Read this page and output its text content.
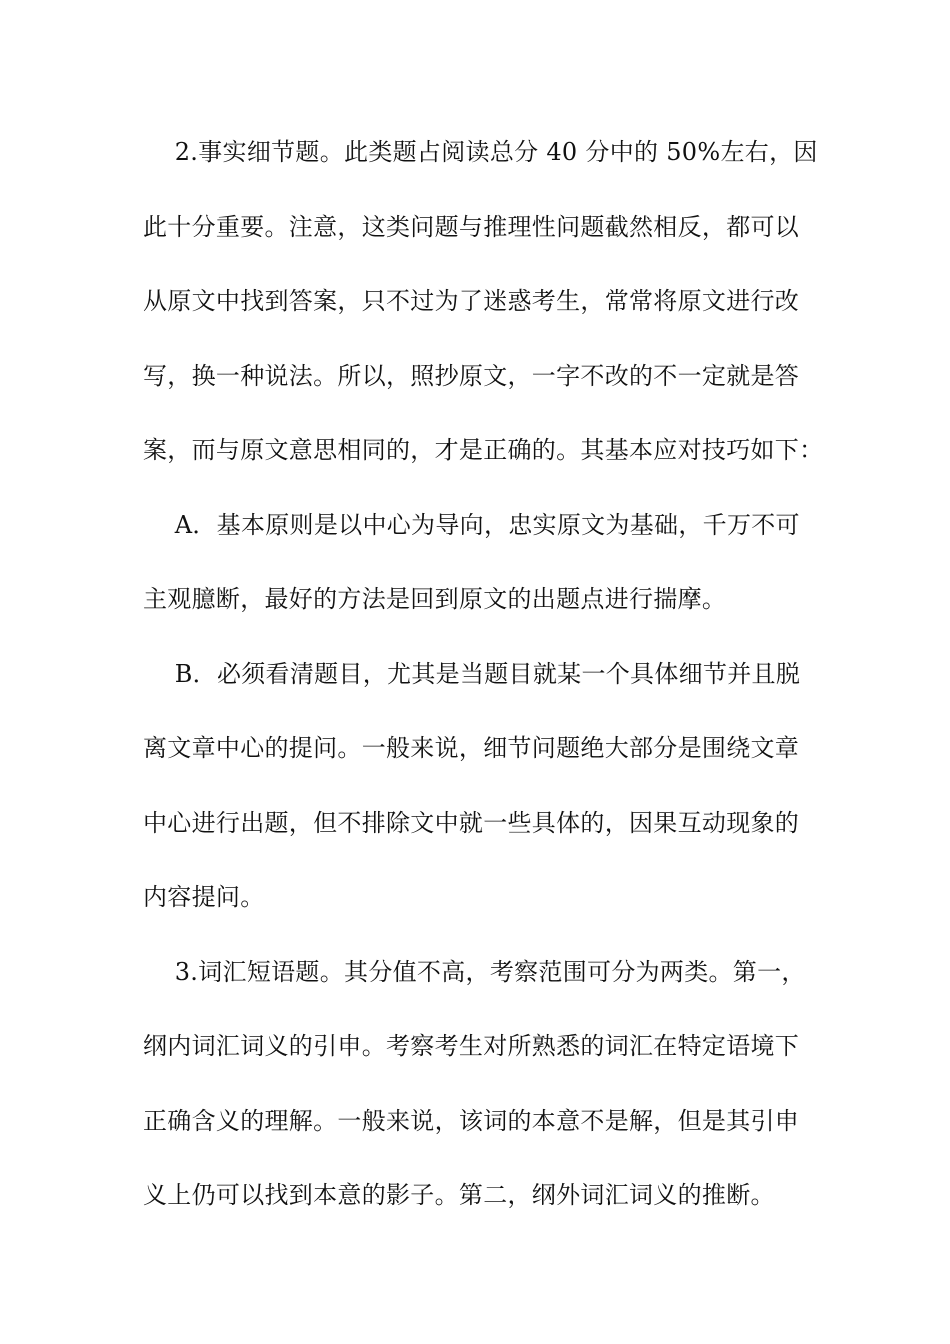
2.事实细节题。此类题占阅读总分 40 分中的 50%左右，因
此十分重要。注意，这类问题与推理性问题截然相反，都可以
从原文中找到答案，只不过为了迷惑考生，常常将原文进行改
写，换一种说法。所以，照抄原文，一字不改的不一定就是答
案，而与原文意思相同的，才是正确的。其基本应对技巧如下：
A．基本原则是以中心为导向，忠实原文为基础，千万不可
主观臆断，最好的方法是回到原文的出题点进行揣摩。
B．必须看清题目，尤其是当题目就某一个具体细节并且脱
离文章中心的提问。一般来说，细节问题绝大部分是围绕文章
中心进行出题，但不排除文中就一些具体的，因果互动现象的
内容提问。
3.词汇短语题。其分值不高，考察范围可分为两类。第一，
纲内词汇词义的引申。考察考生对所熟悉的词汇在特定语境下
正确含义的理解。一般来说，该词的本意不是解，但是其引申
义上仍可以找到本意的影子。第二，纲外词汇词义的推断。
